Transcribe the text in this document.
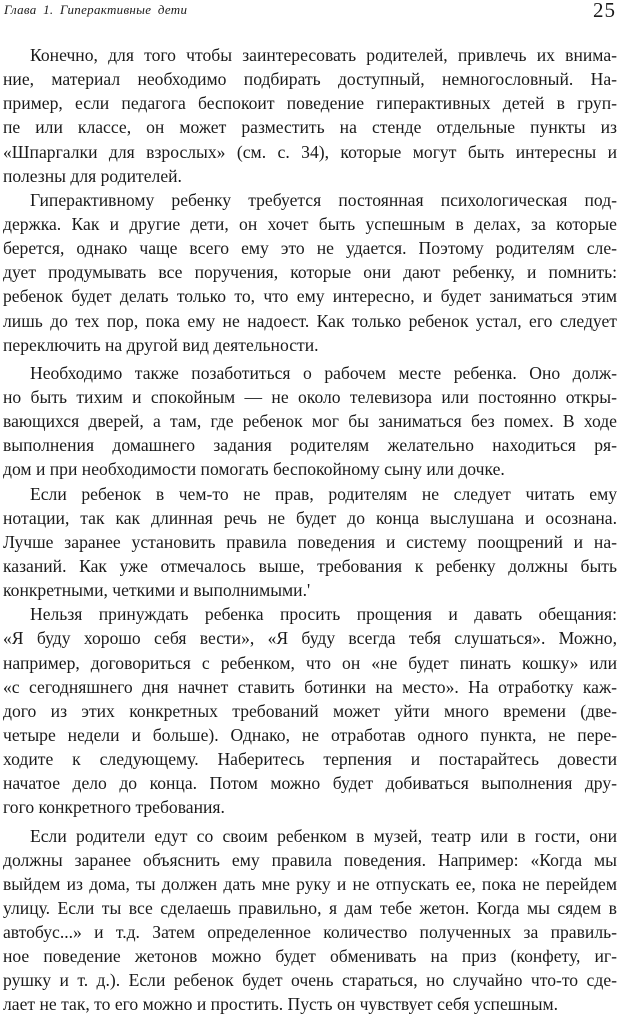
Глава 1. Гиперактивные дети	25
Конечно, для того чтобы заинтересовать родителей, привлечь их внима-
ние, материал необходимо подбирать доступный, немногословный. На-
пример, если педагога беспокоит поведение гиперактивных детей в груп-
пе или классе, он может разместить на стенде отдельные пункты из
«Шпаргалки для взрослых» (см. с. 34), которые могут быть интересны и
полезны для родителей.
Гиперактивному ребенку требуется постоянная психологическая под-
держка. Как и другие дети, он хочет быть успешным в делах, за которые
берется, однако чаще всего ему это не удается. Поэтому родителям сле-
дует продумывать все поручения, которые они дают ребенку, и помнить:
ребенок будет делать только то, что ему интересно, и будет заниматься этим
лишь до тех пор, пока ему не надоест. Как только ребенок устал, его следует
переключить на другой вид деятельности.
Необходимо также позаботиться о рабочем месте ребенка. Оно долж-
но быть тихим и спокойным — не около телевизора или постоянно откры-
вающихся дверей, а там, где ребенок мог бы заниматься без помех. В ходе
выполнения домашнего задания родителям желательно находиться ря-
дом и при необходимости помогать беспокойному сыну или дочке.
Если ребенок в чем-то не прав, родителям не следует читать ему
нотации, так как длинная речь не будет до конца выслушана и осознана.
Лучше заранее установить правила поведения и систему поощрений и на-
казаний. Как уже отмечалось выше, требования к ребенку должны быть
конкретными, четкими и выполнимыми.'
Нельзя принуждать ребенка просить прощения и давать обещания:
«Я буду хорошо себя вести», «Я буду всегда тебя слушаться». Можно,
например, договориться с ребенком, что он «не будет пинать кошку» или
«с сегодняшнего дня начнет ставить ботинки на место». На отработку каж-
дого из этих конкретных требований может уйти много времени (две-
четыре недели и больше). Однако, не отработав одного пункта, не пере-
ходите к следующему. Наберитесь терпения и постарайтесь довести
начатое дело до конца. Потом можно будет добиваться выполнения дру-
гого конкретного требования.
Если родители едут со своим ребенком в музей, театр или в гости, они
должны заранее объяснить ему правила поведения. Например: «Когда мы
выйдем из дома, ты должен дать мне руку и не отпускать ее, пока не перейдем
улицу. Если ты все сделаешь правильно, я дам тебе жетон. Когда мы сядем в
автобус...» и т.д. Затем определенное количество полученных за правиль-
ное поведение жетонов можно будет обменивать на приз (конфету, иг-
рушку и т. д.). Если ребенок будет очень стараться, но случайно что-то сде-
лает не так, то его можно и простить. Пусть он чувствует себя успешным.
